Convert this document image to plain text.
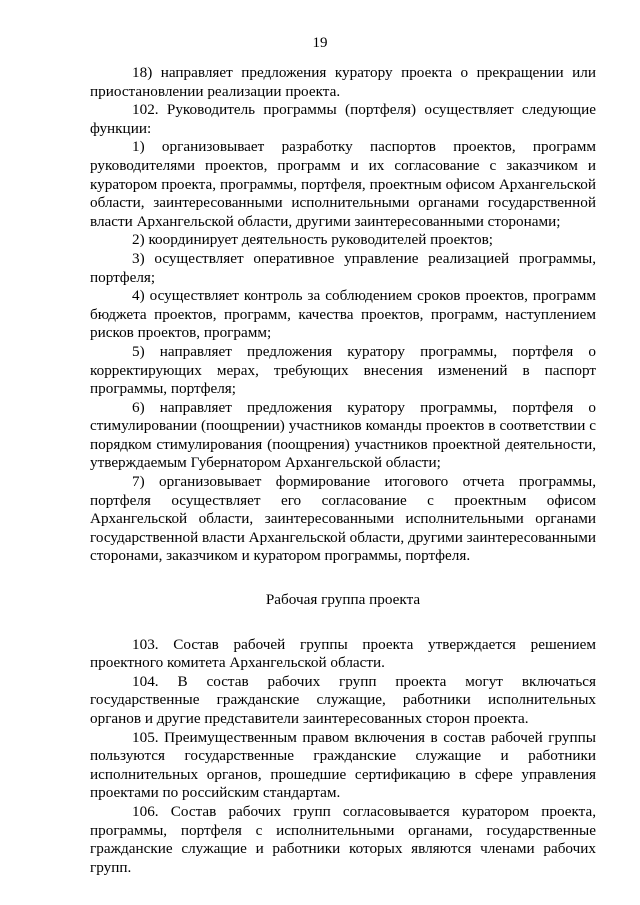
19

18) направляет предложения куратору проекта о прекращении или приостановлении реализации проекта.

102. Руководитель программы (портфеля) осуществляет следующие функции:

1) организовывает разработку паспортов проектов, программ руководителями проектов, программ и их согласование с заказчиком и куратором проекта, программы, портфеля, проектным офисом Архангельской области, заинтересованными исполнительными органами государственной власти Архангельской области, другими заинтересованными сторонами;

2) координирует деятельность руководителей проектов;

3) осуществляет оперативное управление реализацией программы, портфеля;

4) осуществляет контроль за соблюдением сроков проектов, программ бюджета проектов, программ, качества проектов, программ, наступлением рисков проектов, программ;

5) направляет предложения куратору программы, портфеля о корректирующих мерах, требующих внесения изменений в паспорт программы, портфеля;

6) направляет предложения куратору программы, портфеля о стимулировании (поощрении) участников команды проектов в соответствии с порядком стимулирования (поощрения) участников проектной деятельности, утверждаемым Губернатором Архангельской области;

7) организовывает формирование итогового отчета программы, портфеля осуществляет его согласование с проектным офисом Архангельской области, заинтересованными исполнительными органами государственной власти Архангельской области, другими заинтересованными сторонами, заказчиком и куратором программы, портфеля.

Рабочая группа проекта

103. Состав рабочей группы проекта утверждается решением проектного комитета Архангельской области.

104. В состав рабочих групп проекта могут включаться государственные гражданские служащие, работники исполнительных органов и другие представители заинтересованных сторон проекта.

105. Преимущественным правом включения в состав рабочей группы пользуются государственные гражданские служащие и работники исполнительных органов, прошедшие сертификацию в сфере управления проектами по российским стандартам.

106. Состав рабочих групп согласовывается куратором проекта, программы, портфеля с исполнительными органами, государственные гражданские служащие и работники которых являются членами рабочих групп.
